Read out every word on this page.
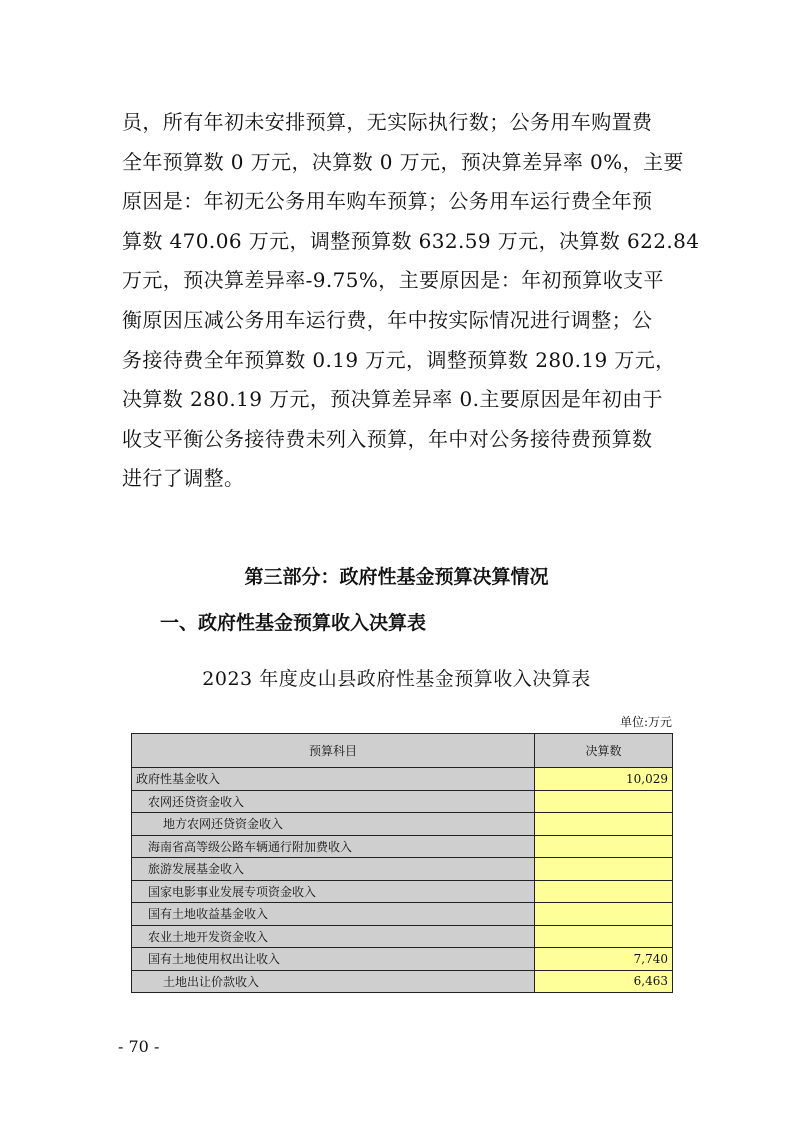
员，所有年初未安排预算，无实际执行数；公务用车购置费
全年预算数 0 万元，决算数 0 万元，预决算差异率 0%，主要
原因是：年初无公务用车购车预算；公务用车运行费全年预
算数 470.06 万元，调整预算数 632.59 万元，决算数 622.84
万元，预决算差异率-9.75%，主要原因是：年初预算收支平
衡原因压减公务用车运行费，年中按实际情况进行调整；公
务接待费全年预算数 0.19 万元，调整预算数 280.19 万元，
决算数 280.19 万元，预决算差异率 0.主要原因是年初由于
收支平衡公务接待费未列入预算，年中对公务接待费预算数
进行了调整。
第三部分：政府性基金预算决算情况
一、政府性基金预算收入决算表

2023 年度皮山县政府性基金预算收入决算表

单位:万元

预算科目	决算数
政府性基金收入	10,029
农网还贷资金收入	
地方农网还贷资金收入	
海南省高等级公路车辆通行附加费收入	
旅游发展基金收入	
国家电影事业发展专项资金收入	
国有土地收益基金收入	
农业土地开发资金收入	
国有土地使用权出让收入	7,740
土地出让价款收入	6,463

- 70 -
